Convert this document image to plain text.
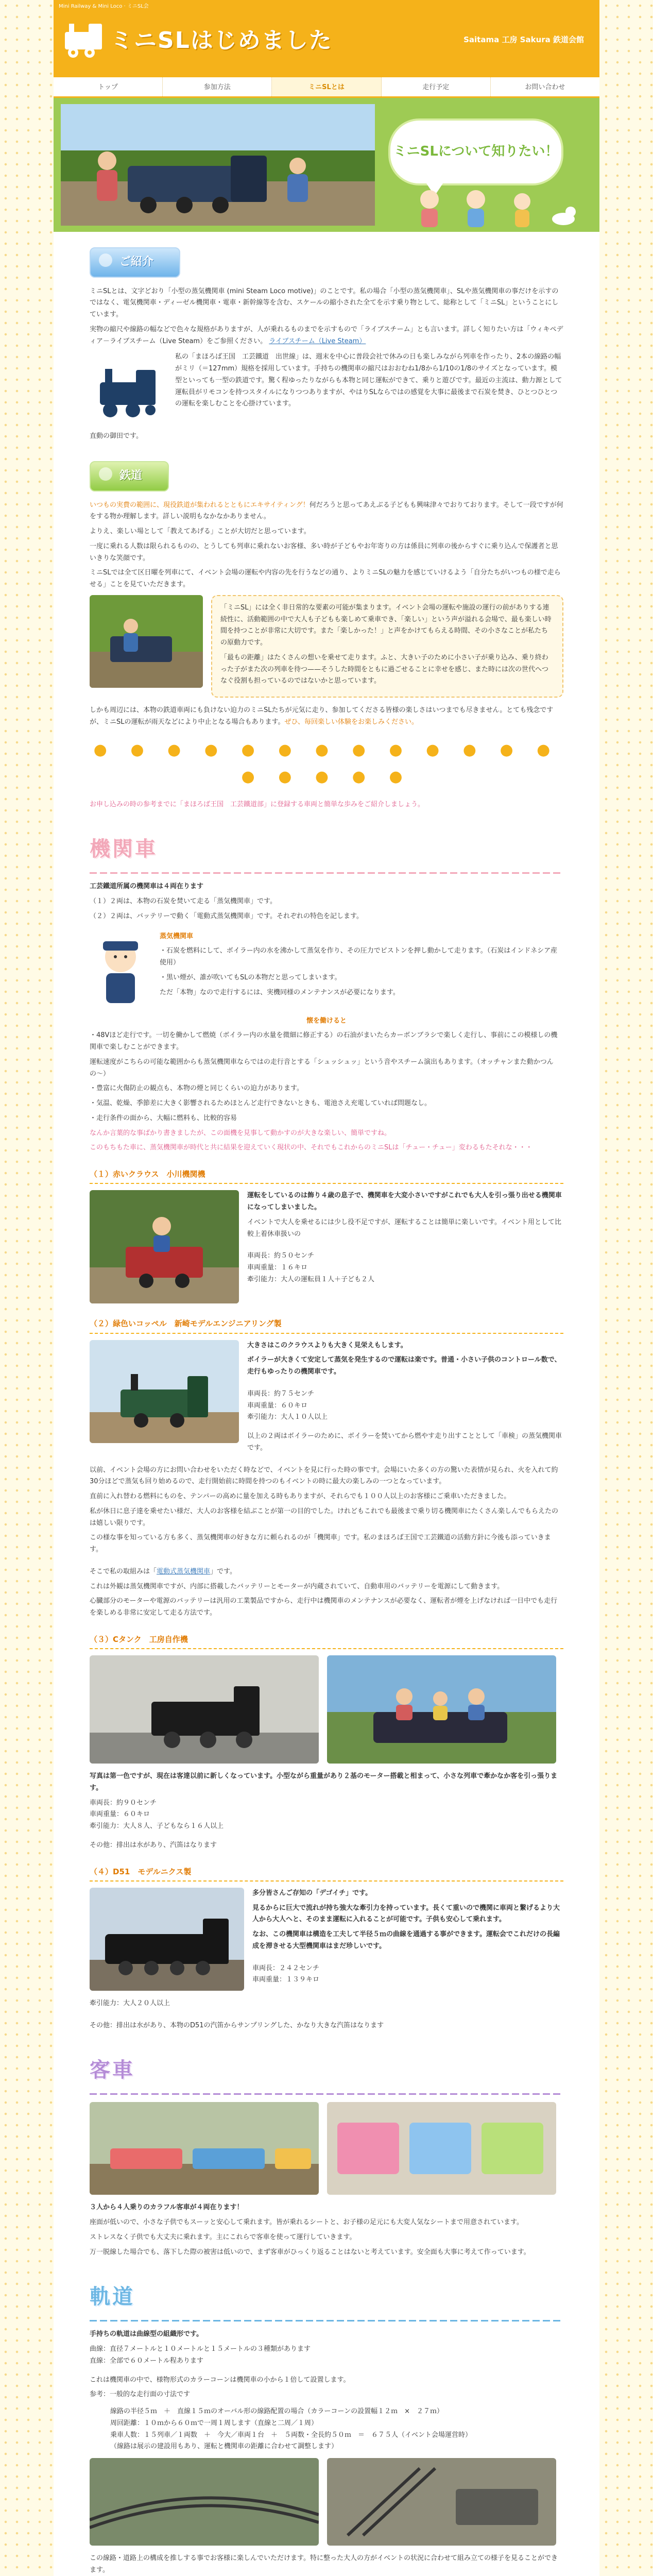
Mini Railway & Mini Loco · ミニSL会
ミニSLはじめました	Saitama 工房 Sakura 鉄道会館
トップ	参加方法	ミニSLとは	走行予定	お問い合わせ
ミニSLについて知りたい！
ご紹介

ミニSLとは、文字どおり「小型の蒸気機関車 (mini Steam Loco motive)」のことです。私の場合「小型の蒸気機関車」、SLや蒸気機関車の事だけを示すのではなく、電気機関車・ディーゼル機関車・電車・新幹線等を含む、スケールの縮小された全てを示す乗り物として、総称として「ミニSL」ということにしています。

実物の縮尺や線路の幅などで色々な規格がありますが、人が乗れるものまでを示すもので「ライブスチーム」とも言います。詳しく知りたい方は「ウィキペディア－ライブスチーム（Live Steam）をご参照ください。 ライブスチーム（Live Steam）

私の「まほろば王国　工芸鐵道　出世線」は、週末を中心に普段会社で休みの日も楽しみながら列車を作ったり、2本の線路の幅がミリ（＝127mm）規格を採用しています。手持ちの機関車の縮尺はおおむね1/8から1/10の1/8のサイズとなっています。模型といっても一型の鉄道です。驚く程ゆったりながらも本物と同じ運転ができて、乗りと遊びです。最近の主流は、動力源として運転員がリモコンを持つスタイルになりつつありますが、やはりSLならではの感覚を大事に最後まで石炭を焚き、ひとつひとつの運転を楽しむことを心掛けています。

直動の御田です。

鉄道

いつもの実費の範囲に、現役鉄道が集われるとともにエキサイティング！何だろうと思ってあえぶる子どもも興味津々でおりております。そして一段ですが何をする物か理解します。詳しい説明もなかなかありません。

よりえ、楽しい場として「教えてあげる」ことが大切だと思っています。

一度に乗れる人数は限られるものの、とうしても列車に乗れないお客様、多い時が子どもやお年寄りの方は係員に列車の後からすぐに乗り込んで保護者と思いきりな笑顔です。

ミニSLでは全て区日曜を列車にて、イベント会場の運転や内容の先を行うなどの通り、よりミニSLの魅力を感じていけるよう「自分たちがいつもの様で走らせる」ことを見ていただきます。

「ミニSL」には全く非日常的な要素の可能が集まります。イベント会場の運転や施設の運行の前がありする連続性に、活動範囲の中で大人も子どもも楽しめて乗車でき、「楽しい」という声が溢れる会場で、最も楽しい時間を持つことが非常に大切です。また「楽しかった！」と声をかけてもらえる時間、その小さなことが私たちの原動力です。

「最もの距離」はたくさんの想いを乗せて走ります。ふと、大きい子のために小さい子が乗り込み、乗り終わった子がまた次の列車を待つ——そうした時間をともに過ごせることに幸せを感じ、また時には次の世代へつなぐ役割も担っているのではないかと思っています。

しかも周辺には、本物の鉄道車両にも負けない迫力のミニSLたちが元気に走り、参加してくださる皆様の楽しさはいつまでも尽きません。とても残念ですが、ミニSLの運転が雨天などにより中止となる場合もあります。ぜひ、毎回楽しい体験をお楽しみください。

● ● ● ● ● ● ● ● ● ● ● ● ● ● ● ● ● ●

お申し込みの時の参考までに「まほろば王国　工芸鐵道部」に登録する車両と簡単な歩みをご紹介しましょう。

機関車

工芸鐵道所属の機関車は４両在ります

（１）２両は、本物の石炭を焚いて走る「蒸気機関車」です。

（２）２両は、バッテリーで動く「電動式蒸気機関車」です。それぞれの特色を記します。

蒸気機関車

・石炭を燃料にして、ボイラー内の水を沸かして蒸気を作り、その圧力でピストンを押し動かして走ります。（石炭はインドネシア産使用）

・黒い煙が、誰が吹いてもSLの本物だと思ってしまいます。

ただ「本物」なので走行するには、実機同様のメンテナンスが必要になります。

懐を働けると

・48Vほど走行です。一切を働かして燃焼（ボイラー内の水量を微細に修正する）の石油がまいたらカーボンブラシで楽しく走行し、事前にこの模様しの機関車で楽しむことができます。

運転速度がこちらの可能な範囲からも蒸気機関車ならではの走行音とする「シュッシュッ」という音やスチーム演出もあります。（オッチャンまた動かつんの〜）

・豊富に火傷防止の観点も、本物の煙と同じくらいの迫力があります。

・気温、乾燥、季節差に大きく影響されるためほとんど走行できないときも、電池さえ充電していれば問題なし。

・走行条件の面から、大幅に燃料も、比較的容易

なんか言葉的な事ばかり書きましたが、この面機を見事して動かすのが大きな楽しい、簡単ですね。

このもちもた車に、蒸気機関車が時代と共に結果を迎えていく現状の中、それでもこれからのミニSLは「チュー・チュー」変わるもたそれな・・・

（１）赤いクラウス　小川機関機

運転をしているのは飾り４歳の息子で、機関車を大変小さいですがこれでも大人を引っ張り出せる機関車になってしまいました。

イベントで大人を乗せるには少し役不足ですが、運転することは簡単に楽しいです。イベント用として比較上着休車扱いの

車両長：約５０センチ

車両重量：１６キロ

牽引能力：大人の運転員１人＋子ども２人

（２）緑色いコッペル　新崎モデルエンジニアリング製

大きさはこのクラウスよりも大きく見栄えもします。

ボイラーが大きくて安定して蒸気を発生するので運転は楽です。普通・小さい子供のコントロール数で、走行もゆったりの機関車です。

車両長：約７５センチ

車両重量：６０キロ

牽引能力：大人１０人以上

以上の２両はボイラーのために、ボイラーを焚いてから燃やす走り出すこととして「車検」の蒸気機関車です。

以前、イベント会場の方にお問い合わせをいただく時などで、イベントを見に行った時の事です。会場にいた多くの方の驚いた表情が見られ、火を入れて約30分ほどで蒸気も回り始めるので、走行開始前に時間を持つのもイベントの時に最大の楽しみの一つとなっています。

直前に入れ替わる燃料にものを、テンパーの高めに量を加える時もありますが、それらでも１００人以上のお客様にご乗車いただきました。

私が休日に息子達を乗せたい様だ、大人のお客様を結ぶことが第一の目的でした。けれどもこれでも最後まで乗り切る機関車にたくさん楽しんでもらえたのは嬉しい限りです。

この様な事を知っている方も多く、蒸気機関車の好きな方に頼られるのが「機関車」です。私のまほろば王国で工芸鐵道の活動方針に今後も添っていきます。

そこで私の取組みは「電動式蒸気機関車」です。

これは外観は蒸気機関車ですが、内部に搭載したバッテリーとモーターが内蔵されていて、自動車用のバッテリーを電源にして動きます。

心臓部分のモーターや電源のバッテリーは汎用の工業製品ですから、走行中は機関車のメンテナンスが必要なく、運転者が煙を上げなければ一日中でも走行を楽しめる非常に安定して走る方法です。

（３）Cタンク　工房自作機

写真は第一色ですが、現在は客達以前に新しくなっています。小型ながら重量があり２基のモーター搭載と相まって、小さな列車で牽かなか客を引っ張ります。

車両長：約９０センチ

車両重量：６０キロ

牽引能力：大人８人、子どもなら１６人以上

その他：排出は水があり、汽笛はなります

（４）D51　モデルニクス製

多分皆さんご存知の「デゴイチ」です。

見るからに巨大で流れが持ち強大な牽引力を持っています。長くて重いので機関に車両と繋げるより大人から大人へと、そのまま運転に入れることが可能です。子供も安心して乗れます。

なお、この機関車は構造を工夫して半径５ｍの曲線を通過する事ができます。運転会でこれだけの長編成を滞きせる大型機関車はまだ珍しいです。

車両長：２４２センチ

車両重量：１３９キロ

牽引能力：大人２０人以上

その他：排出は水があり、本物のD51の汽笛からサンプリングした、かなり大きな汽笛はなります

客車

３人から４人乗りのカラフル客車が４両在ります！

座面が低いので、小さな子供でもスーッと安心して乗れます。皆が乗れるシートと、お子様の足元にも大変人気なシートまで用意されています。

ストレスなく子供でも大丈夫に乗れます。主にこれらで客車を使って運行していきます。

万一脱線した場合でも、落下した際の被害は低いので、まず客車がひっくり返ることはないと考えています。安全面も大事に考えて作っています。

軌道

手持ちの軌道は曲線型の組織形です。

曲線：直径７メートルと１０メートルと１５メートルの３種類があります

直線：全部で６０メートル程あります

これは機関車の中で、様物形式のカラーコーンは機関車の小から１倍して設置します。

参考：一般的な走行面の寸法です

線路の半径５ｍ　＋　直線１５ｍのオーバル形の線路配置の場合（カラーコーンの設置幅１２ｍ　×　２７ｍ）

周回距離：１０ｍから６０ｍで一周１周します（直線と二周／１周）

乗車人数：１５列車／１両数　＋　今大／車両１台　＋　５両数・全長約５０ｍ　＝　６７５人（イベント会場運営時）

（線路は展示の建設用もあり、運転と機関車の距離に合わせて調整します）

この線路・道路上の構成を推しする事でお客様に楽しんでいただけます。特に整った大人の方がイベントの状況に合わせて組み立ての様子を見ることができます。
